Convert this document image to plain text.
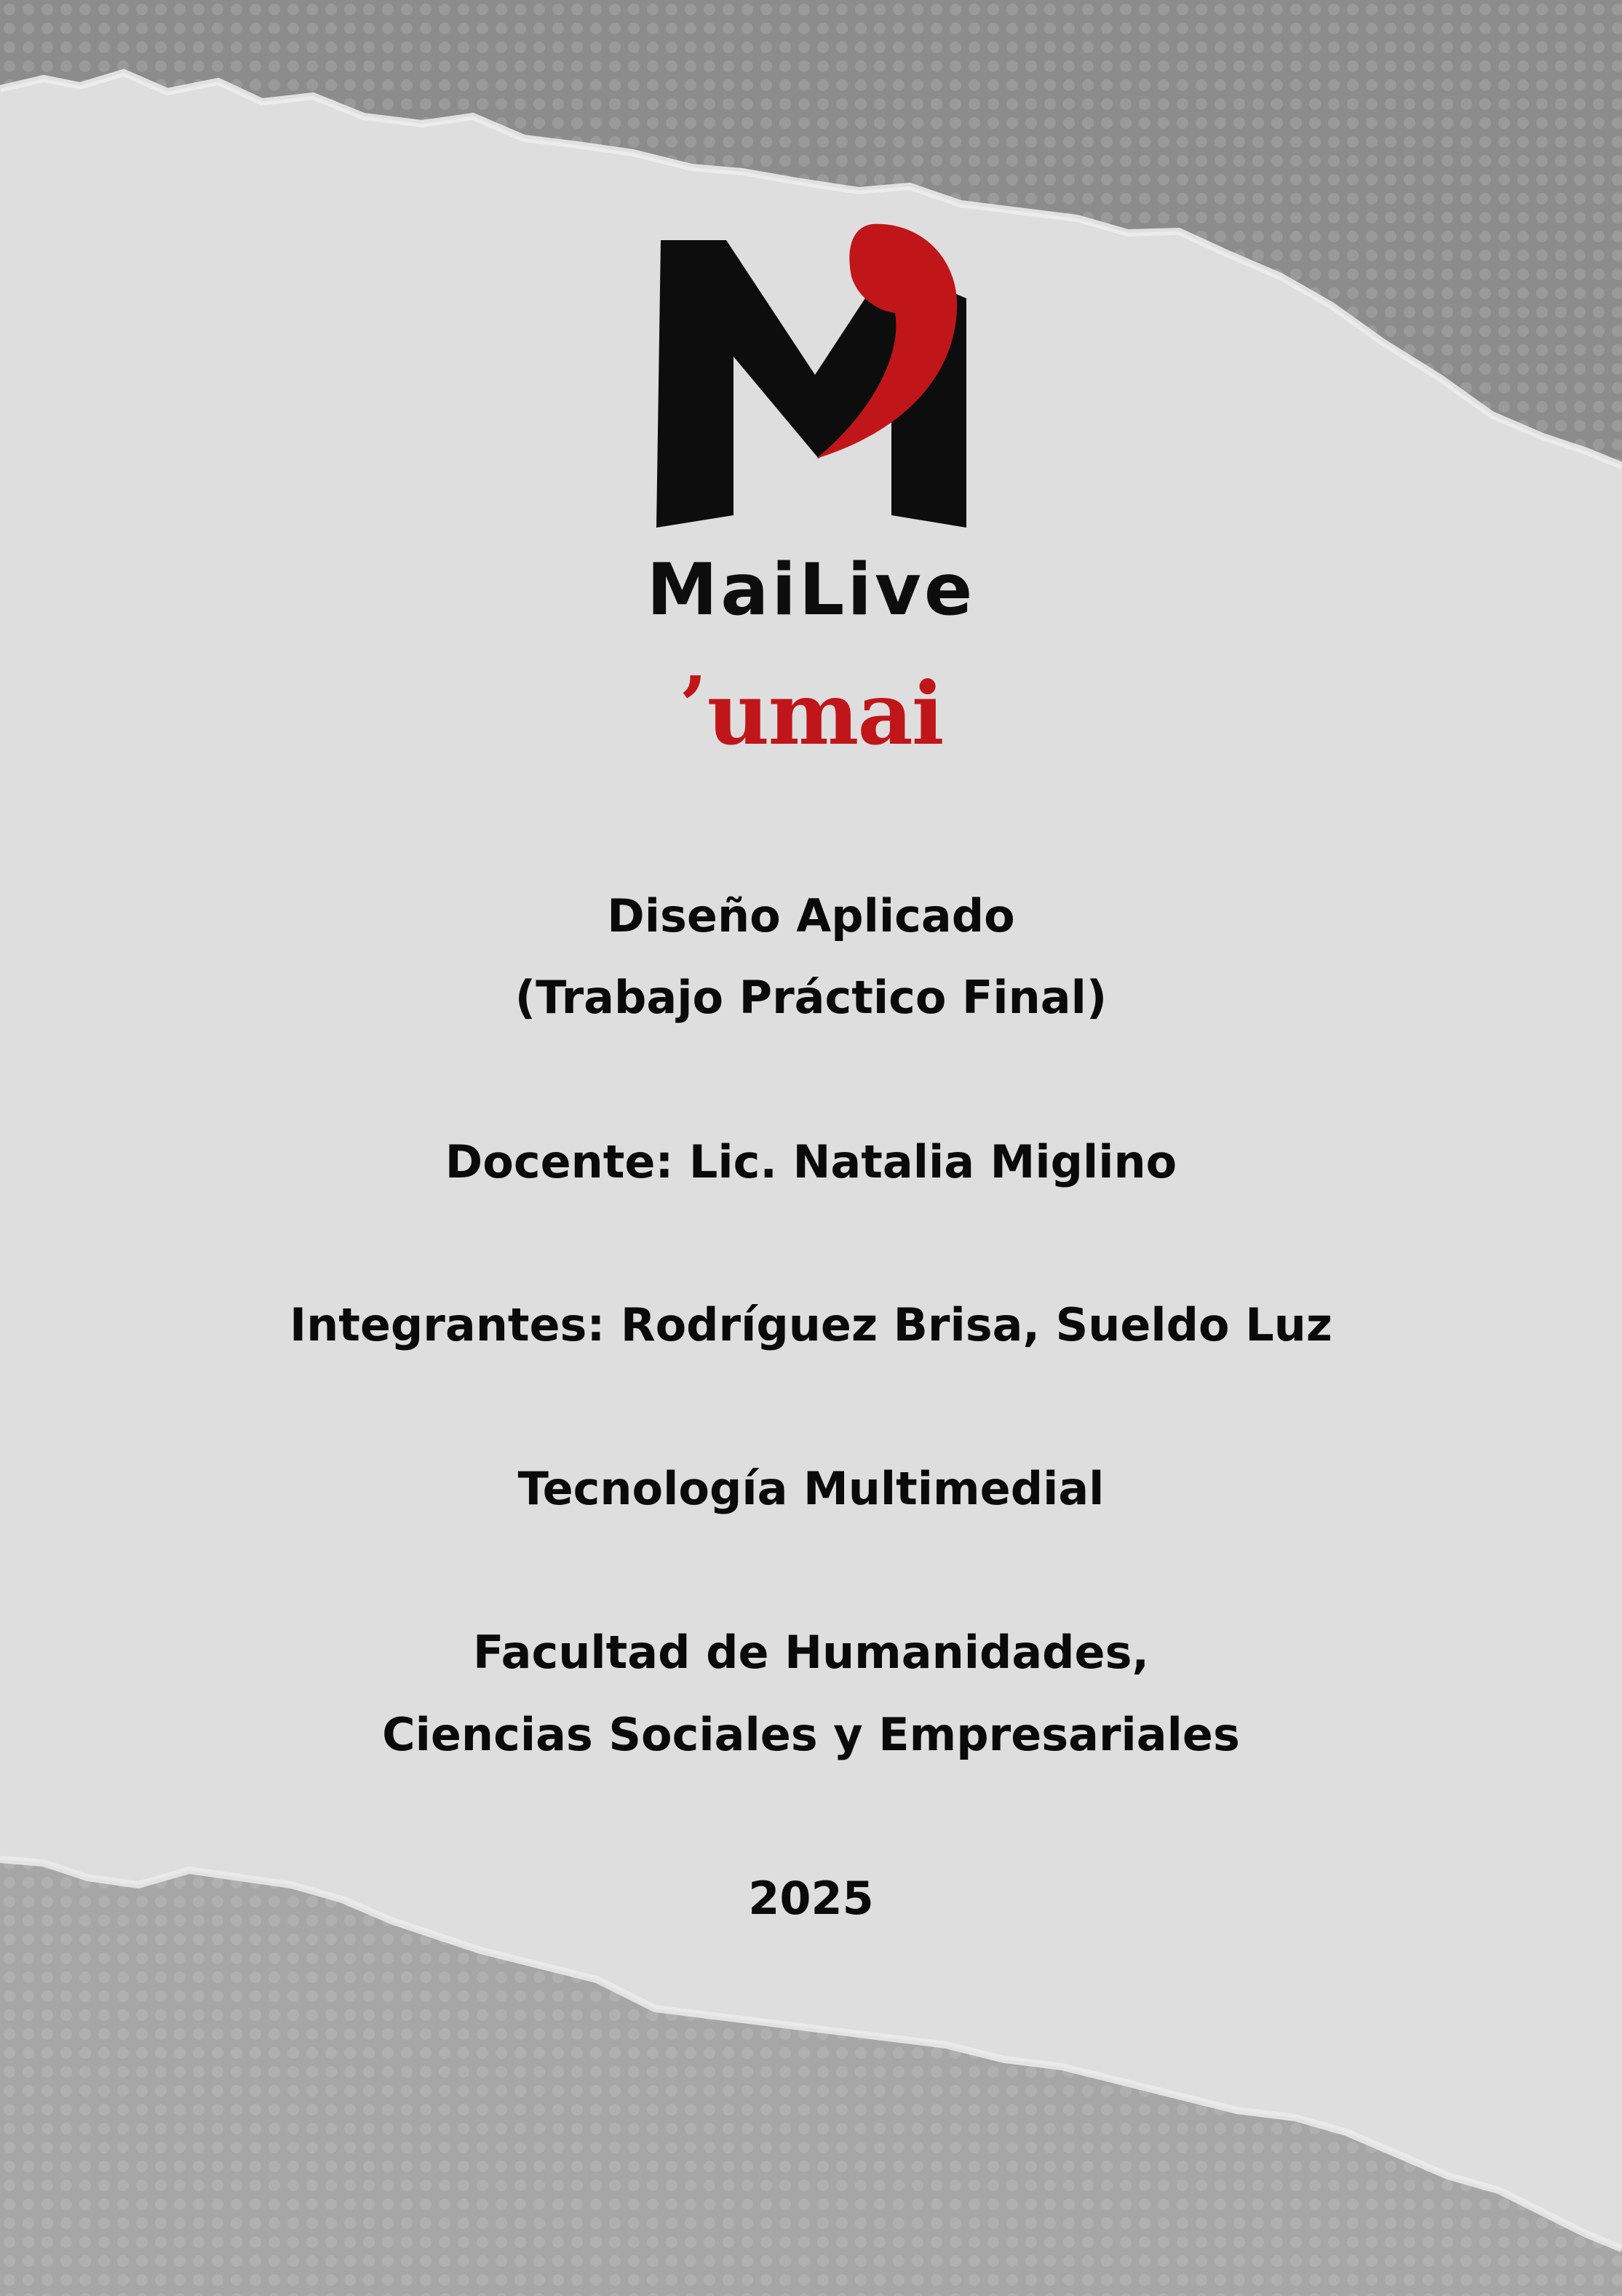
MaiLive
’umai
Diseño Aplicado
(Trabajo Práctico Final)
Docente: Lic. Natalia Miglino
Integrantes: Rodríguez Brisa, Sueldo Luz
Tecnología Multimedial
Facultad de Humanidades,
Ciencias Sociales y Empresariales
2025
